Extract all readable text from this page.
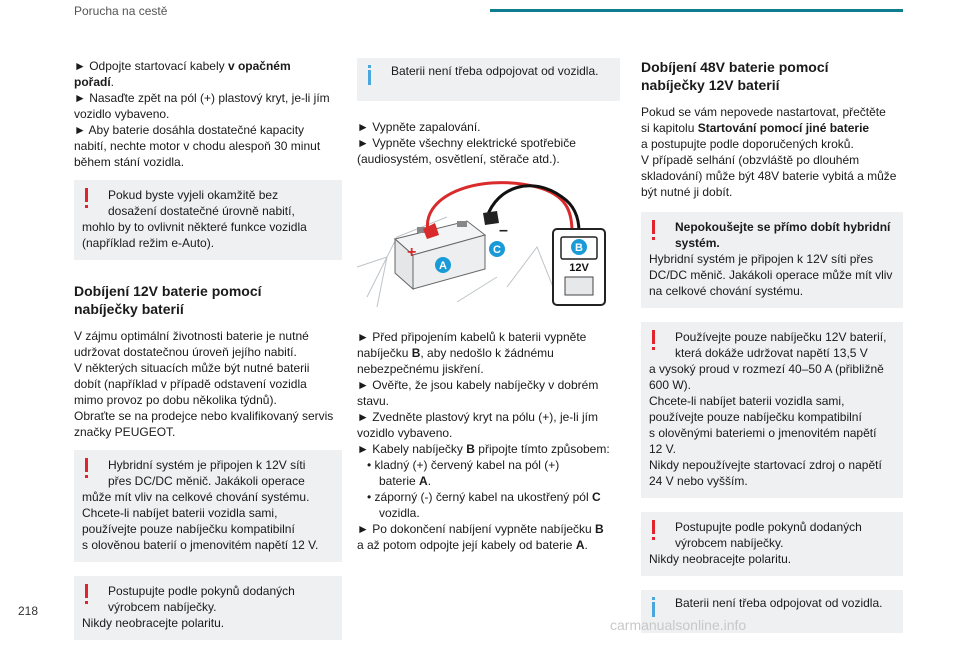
Porucha na cestě

► Odpojte startovací kabely v opačném

pořadí.

► Nasaďte zpět na pól (+) plastový kryt, je-li jím

vozidlo vybaveno.

► Aby baterie dosáhla dostatečné kapacity

nabití, nechte motor v chodu alespoň 30 minut

během stání vozidla.

Pokud byste vyjeli okamžitě bez

dosažení dostatečné úrovně nabití,

mohlo by to ovlivnit některé funkce vozidla

(například režim e-Auto).

Dobíjení 12V baterie pomocí
nabíječky baterií

V zájmu optimální životnosti baterie je nutné

udržovat dostatečnou úroveň jejího nabití.

V některých situacích může být nutné baterii

dobít (například v případě odstavení vozidla

mimo provoz po dobu několika týdnů).

Obraťte se na prodejce nebo kvalifikovaný servis

značky PEUGEOT.

Hybridní systém je připojen k 12V síti

přes DC/DC měnič. Jakákoli operace

může mít vliv na celkové chování systému.

Chcete-li nabíjet baterii vozidla sami,

používejte pouze nabíječku kompatibilní

s olověnou baterií o jmenovitém napětí 12 V.

Postupujte podle pokynů dodaných

výrobcem nabíječky.

Nikdy neobracejte polaritu.

Baterii není třeba odpojovat od vozidla.

► Vypněte zapalování.

► Vypněte všechny elektrické spotřebiče

(audiosystém, osvětlení, stěrače atd.).

+
–
12V
A
B
C

► Před připojením kabelů k baterii vypněte

nabíječku B, aby nedošlo k žádnému

nebezpečnému jiskření.

► Ověřte, že jsou kabely nabíječky v dobrém

stavu.

► Zvedněte plastový kryt na pólu (+), je-li jím

vozidlo vybaveno.

► Kabely nabíječky B připojte tímto způsobem:

• kladný (+) červený kabel na pól (+)

baterie A.

• záporný (-) černý kabel na ukostřený pól C

vozidla.

► Po dokončení nabíjení vypněte nabíječku B

a až potom odpojte její kabely od baterie A.

Dobíjení 48V baterie pomocí
nabíječky 12V baterií

Pokud se vám nepovede nastartovat, přečtěte

si kapitolu Startování pomocí jiné baterie

a postupujte podle doporučených kroků.

V případě selhání (obzvláště po dlouhém

skladování) může být 48V baterie vybitá a může

být nutné ji dobít.

Nepokoušejte se přímo dobít hybridní

systém.

Hybridní systém je připojen k 12V síti přes

DC/DC měnič. Jakákoli operace může mít vliv

na celkové chování systému.

Používejte pouze nabíječku 12V baterií,

která dokáže udržovat napětí 13,5 V

a vysoký proud v rozmezí 40–50 A (přibližně

600 W).

Chcete-li nabíjet baterii vozidla sami,

používejte pouze nabíječku kompatibilní

s olověnými bateriemi o jmenovitém napětí

12 V.

Nikdy nepoužívejte startovací zdroj o napětí

24 V nebo vyšším.

Postupujte podle pokynů dodaných

výrobcem nabíječky.

Nikdy neobracejte polaritu.

Baterii není třeba odpojovat od vozidla.

218
carmanualsonline.info
